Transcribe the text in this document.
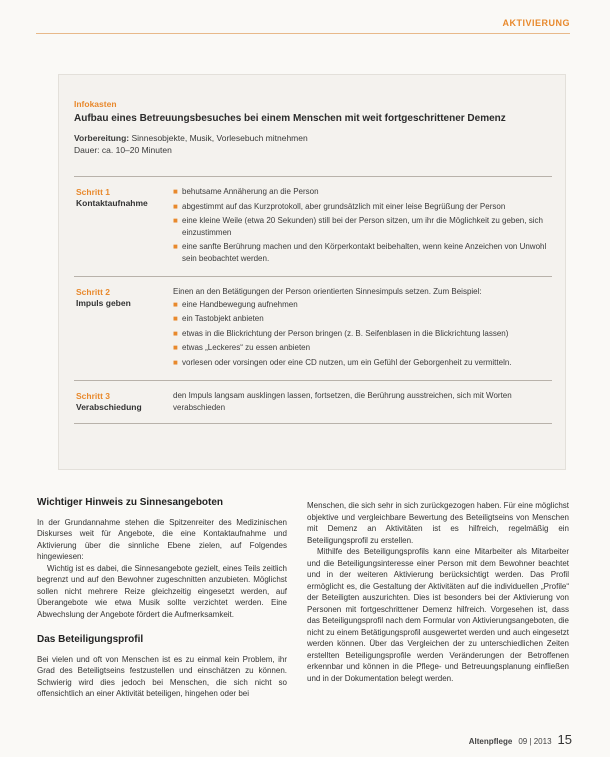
AKTIVIERUNG
Infokasten
Aufbau eines Betreuungsbesuches bei einem Menschen mit weit fortgeschrittener Demenz
Vorbereitung: Sinnesobjekte, Musik, Vorlesebuch mitnehmen
Dauer: ca. 10–20 Minuten
Schritt 1
Kontaktaufnahme
■ behutsame Annäherung an die Person
■ abgestimmt auf das Kurzprotokoll, aber grundsätzlich mit einer leise Begrüßung der Person
■ eine kleine Weile (etwa 20 Sekunden) still bei der Person sitzen, um ihr die Möglichkeit zu geben, sich einzustimmen
■ eine sanfte Berührung machen und den Körperkontakt beibehalten, wenn keine Anzeichen von Unwohl sein beobachtet werden.
Schritt 2
Impuls geben

Einen an den Betätigungen der Person orientierten Sinnesimpuls setzen. Zum Beispiel:

■ eine Handbewegung aufnehmen
■ ein Tastobjekt anbieten
■ etwas in die Blickrichtung der Person bringen (z. B. Seifenblasen in die Blickrichtung lassen)
■ etwas „Leckeres“ zu essen anbieten
■ vorlesen oder vorsingen oder eine CD nutzen, um ein Gefühl der Geborgenheit zu vermitteln.
Schritt 3
Verabschiedung

den Impuls langsam ausklingen lassen, fortsetzen, die Berührung ausstreichen, sich mit Worten verabschieden

Wichtiger Hinweis zu Sinnesangeboten

In der Grundannahme stehen die Spitzenreiter des Medizinischen Diskurses weit für Angebote, die eine Kontaktaufnahme und Aktivierung über die sinnliche Ebene zielen, auf Folgendes hingewiesen:

Wichtig ist es dabei, die Sinnesangebote gezielt, eines Teils zeitlich begrenzt und auf den Bewohner zugeschnitten anzubieten. Möglichst sollen nicht mehrere Reize gleichzeitig eingesetzt werden, auf Überangebote wie etwa Musik sollte verzichtet werden. Eine Abwechslung der Angebote fördert die Aufmerksamkeit.

Das Beteiligungsprofil

Bei vielen und oft von Menschen ist es zu einmal kein Problem, ihr Grad des Beteiligtseins festzustellen und einschätzen zu können. Schwierig wird dies jedoch bei Menschen, die sich nicht so offensichtlich an einer Aktivität beteiligen, hingehen oder bei

Menschen, die sich sehr in sich zurückgezogen haben. Für eine möglichst objektive und vergleichbare Bewertung des Beteiligtseins von Menschen mit Demenz an Aktivitäten ist es hilfreich, regelmäßig ein Beteiligungsprofil zu erstellen.

Mithilfe des Beteiligungsprofils kann eine Mitarbeiter als Mitarbeiter und die Beteiligungsinteresse einer Person mit dem Bewohner beachtet und in der weiteren Aktivierung berücksichtigt werden. Das Profil ermöglicht es, die Gestaltung der Aktivitäten auf die individuellen „Profile“ der Beteiligten auszurichten. Dies ist besonders bei der Aktivierung von Personen mit fortgeschrittener Demenz hilfreich. Vorgesehen ist, dass das Beteiligungsprofil nach dem Formular von Aktivierungsangeboten, die nicht zu einem Betätigungsprofil ausgewertet werden und auch eingesetzt werden können. Über das Vergleichen der zu unterschiedlichen Zeiten erstellten Beteiligungsprofile werden Veränderungen der Betroffenen erkennbar und können in die Pflege- und Betreuungsplanung einfließen und in der Dokumentation belegt werden.

Altenpflege 09 | 2013 15
